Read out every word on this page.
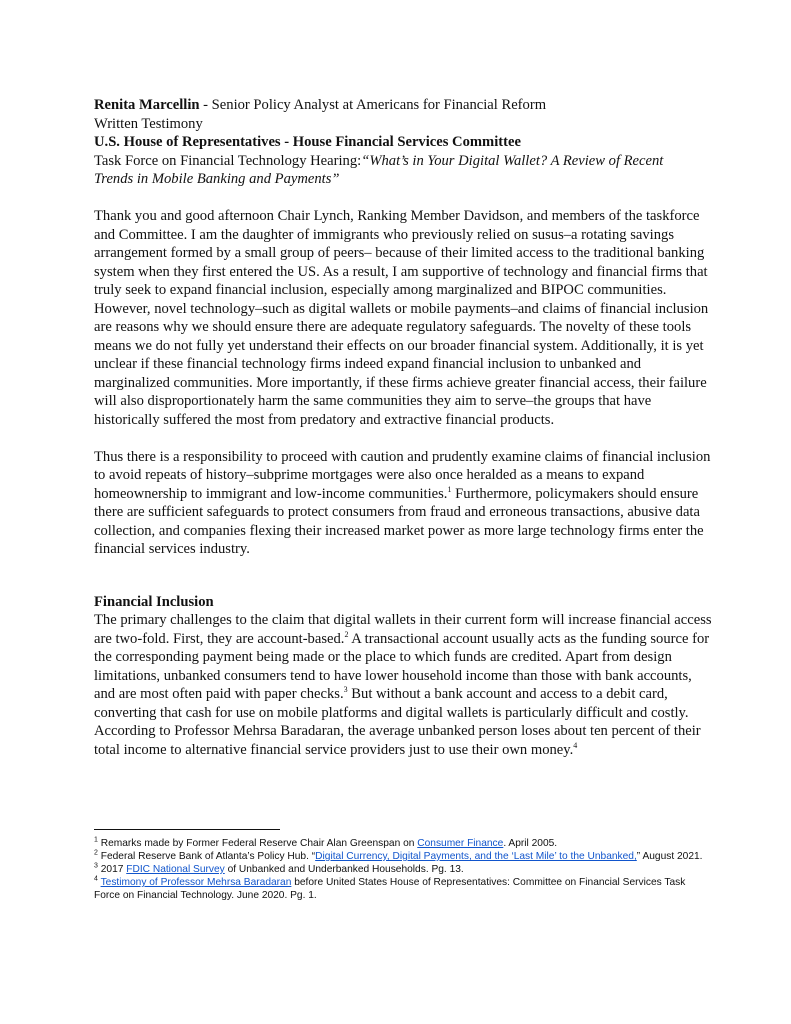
Renita Marcellin - Senior Policy Analyst at Americans for Financial Reform

Written Testimony

U.S. House of Representatives - House Financial Services Committee

Task Force on Financial Technology Hearing:“What’s in Your Digital Wallet? A Review of Recent

Trends in Mobile Banking and Payments”

Thank you and good afternoon Chair Lynch, Ranking Member Davidson, and members of the taskforce and Committee. I am the daughter of immigrants who previously relied on susus–a rotating savings arrangement formed by a small group of peers– because of their limited access to the traditional banking system when they first entered the US. As a result, I am supportive of technology and financial firms that truly seek to expand financial inclusion, especially among marginalized and BIPOC communities. However, novel technology–such as digital wallets or mobile payments–and claims of financial inclusion are reasons why we should ensure there are adequate regulatory safeguards. The novelty of these tools means we do not fully yet understand their effects on our broader financial system. Additionally, it is yet unclear if these financial technology firms indeed expand financial inclusion to unbanked and marginalized communities. More importantly, if these firms achieve greater financial access, their failure will also disproportionately harm the same communities they aim to serve–the groups that have historically suffered the most from predatory and extractive financial products.

Thus there is a responsibility to proceed with caution and prudently examine claims of financial inclusion to avoid repeats of history–subprime mortgages were also once heralded as a means to expand homeownership to immigrant and low-income communities.$^1$ Furthermore, policymakers should ensure there are sufficient safeguards to protect consumers from fraud and erroneous transactions, abusive data collection, and companies flexing their increased market power as more large technology firms enter the financial services industry.

Financial Inclusion

The primary challenges to the claim that digital wallets in their current form will increase financial access are two-fold. First, they are account-based.$^2$ A transactional account usually acts as the funding source for the corresponding payment being made or the place to which funds are credited. Apart from design limitations, unbanked consumers tend to have lower household income than those with bank accounts, and are most often paid with paper checks.$^3$ But without a bank account and access to a debit card, converting that cash for use on mobile platforms and digital wallets is particularly difficult and costly. According to Professor Mehrsa Baradaran, the average unbanked person loses about ten percent of their total income to alternative financial service providers just to use their own money.$^4$

$^1$ Remarks made by Former Federal Reserve Chair Alan Greenspan on Consumer Finance. April 2005.

$^2$ Federal Reserve Bank of Atlanta’s Policy Hub. “Digital Currency, Digital Payments, and the ‘Last Mile’ to the Unbanked,” August 2021.

$^3$ 2017 FDIC National Survey of Unbanked and Underbanked Households. Pg. 13.

$^4$ Testimony of Professor Mehrsa Baradaran before United States House of Representatives: Committee on Financial Services Task Force on Financial Technology. June 2020. Pg. 1.
